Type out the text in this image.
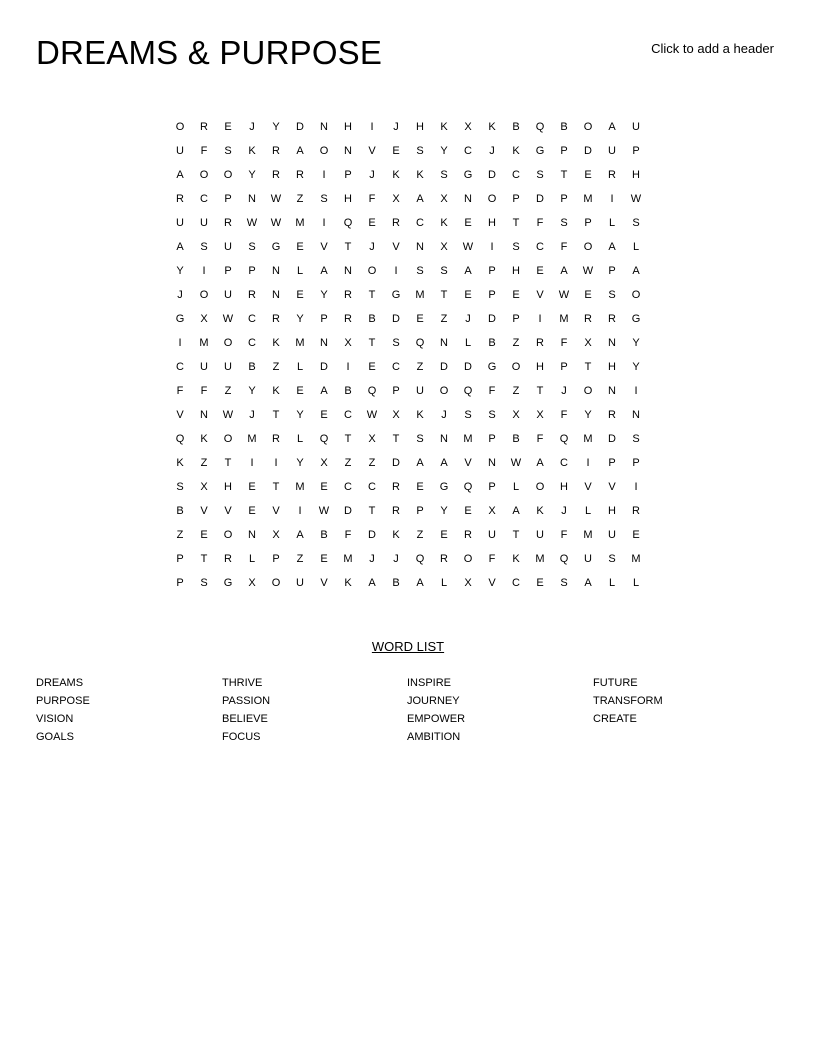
DREAMS & PURPOSE	Click to add a header
O	R	E	J	Y	D	N	H	I	J	H	K	X	K	B	Q	B	O	A	U
U	F	S	K	R	A	O	N	V	E	S	Y	C	J	K	G	P	D	U	P
A	O	O	Y	R	R	I	P	J	K	K	S	G	D	C	S	T	E	R	H
R	C	P	N	W	Z	S	H	F	X	A	X	N	O	P	D	P	M	I	W
U	U	R	W	W	M	I	Q	E	R	C	K	E	H	T	F	S	P	L	S
A	S	U	S	G	E	V	T	J	V	N	X	W	I	S	C	F	O	A	L
Y	I	P	P	N	L	A	N	O	I	S	S	A	P	H	E	A	W	P	A
J	O	U	R	N	E	Y	R	T	G	M	T	E	P	E	V	W	E	S	O
G	X	W	C	R	Y	P	R	B	D	E	Z	J	D	P	I	M	R	R	G
I	M	O	C	K	M	N	X	T	S	Q	N	L	B	Z	R	F	X	N	Y
C	U	U	B	Z	L	D	I	E	C	Z	D	D	G	O	H	P	T	H	Y
F	F	Z	Y	K	E	A	B	Q	P	U	O	Q	F	Z	T	J	O	N	I
V	N	W	J	T	Y	E	C	W	X	K	J	S	S	X	X	F	Y	R	N
Q	K	O	M	R	L	Q	T	X	T	S	N	M	P	B	F	Q	M	D	S
K	Z	T	I	I	Y	X	Z	Z	D	A	A	V	N	W	A	C	I	P	P
S	X	H	E	T	M	E	C	C	R	E	G	Q	P	L	O	H	V	V	I
B	V	V	E	V	I	W	D	T	R	P	Y	E	X	A	K	J	L	H	R
Z	E	O	N	X	A	B	F	D	K	Z	E	R	U	T	U	F	M	U	E
P	T	R	L	P	Z	E	M	J	J	Q	R	O	F	K	M	Q	U	S	M
P	S	G	X	O	U	V	K	A	B	A	L	X	V	C	E	S	A	L	L
WORD LIST
DREAMS
PURPOSE
VISION
GOALS
THRIVE
PASSION
BELIEVE
FOCUS
INSPIRE
JOURNEY
EMPOWER
AMBITION
FUTURE
TRANSFORM
CREATE
